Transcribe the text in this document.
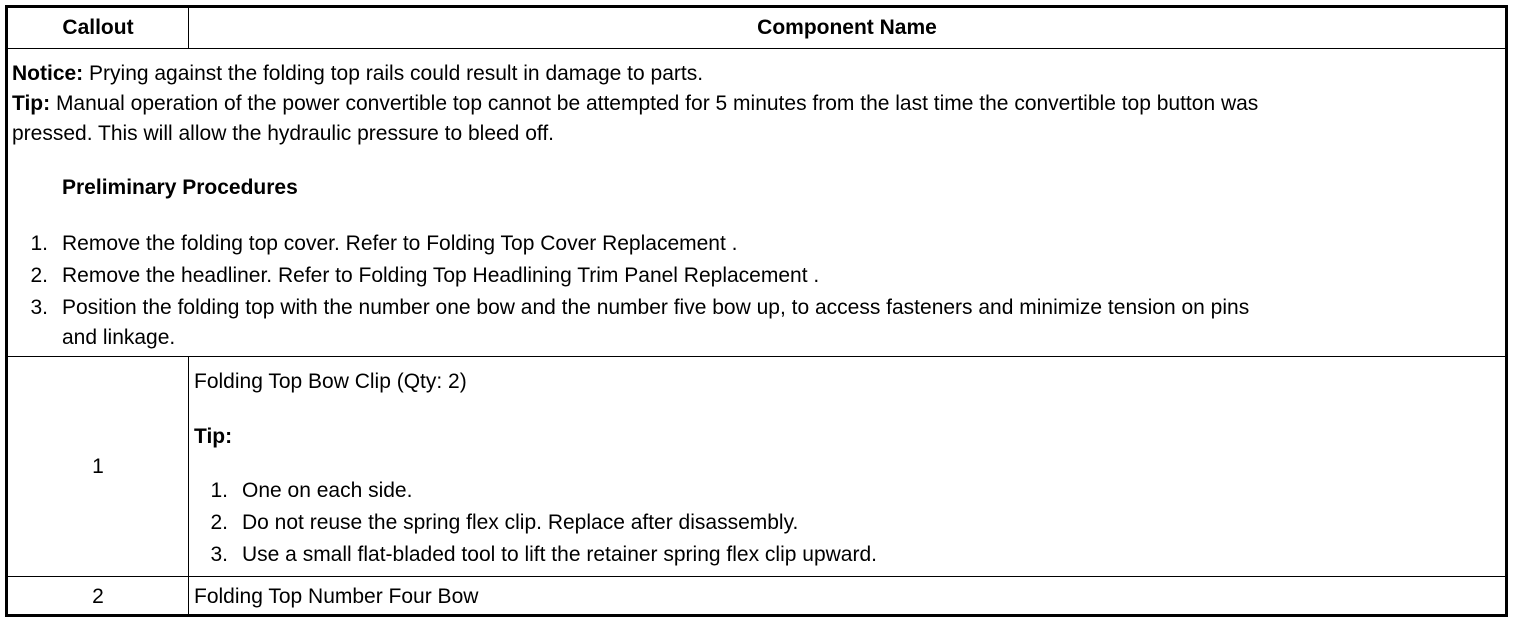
Callout	Component Name
Notice: Prying against the folding top rails could result in damage to parts.
Tip: Manual operation of the power convertible top cannot be attempted for 5 minutes from the last time the convertible top button was
pressed. This will allow the hydraulic pressure to bleed off.
Preliminary Procedures
1. Remove the folding top cover. Refer to Folding Top Cover Replacement .
2. Remove the headliner. Refer to Folding Top Headlining Trim Panel Replacement .
3. Position the folding top with the number one bow and the number five bow up, to access fasteners and minimize tension on pins
and linkage.
1
Folding Top Bow Clip (Qty: 2)
Tip:
1. One on each side.
2. Do not reuse the spring flex clip. Replace after disassembly.
3. Use a small flat-bladed tool to lift the retainer spring flex clip upward.
2	Folding Top Number Four Bow
